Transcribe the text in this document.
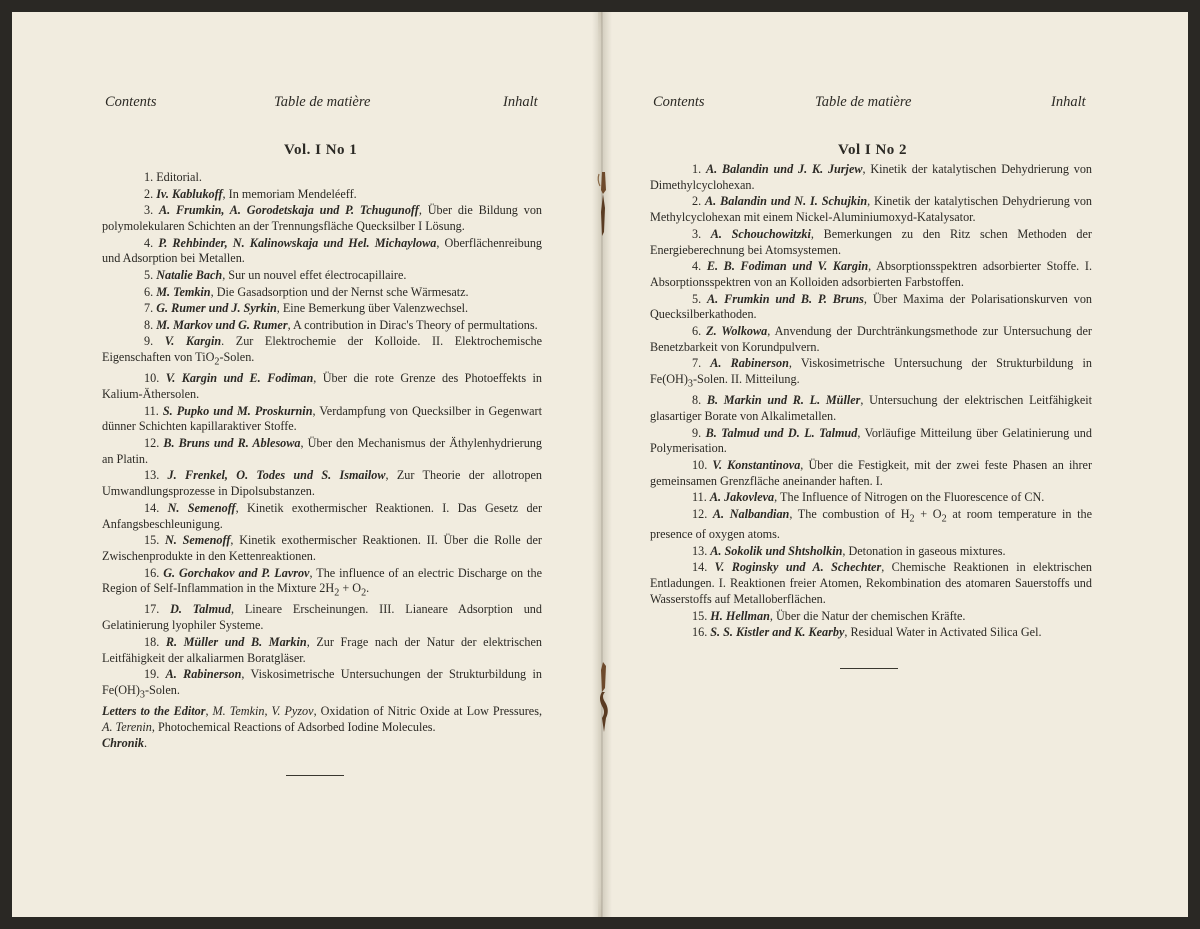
Contents	Table de matière	Inhalt
Vol. I No 1

1. Editorial.

2. Iv. Kablukoff, In memoriam Mendeléeff.

3. A. Frumkin, A. Gorodetskaja und P. Tchugunoff, Über die Bildung von polymolekularen Schichten an der Trennungsfläche Quecksilber I Lösung.

4. P. Rehbinder, N. Kalinowskaja und Hel. Michaylowa, Oberflächenreibung und Adsorption bei Metallen.

5. Natalie Bach, Sur un nouvel effet électrocapillaire.

6. M. Temkin, Die Gasadsorption und der Nernst sche Wärmesatz.

7. G. Rumer und J. Syrkin, Eine Bemerkung über Valenzwechsel.

8. M. Markov und G. Rumer, A contribution in Dirac's Theory of permultations.

9. V. Kargin. Zur Elektrochemie der Kolloide. II. Elektrochemische Eigenschaften von TiO$_2$-Solen.

10. V. Kargin und E. Fodiman, Über die rote Grenze des Photoeffekts in Kalium-Äthersolen.

11. S. Pupko und M. Proskurnin, Verdampfung von Quecksilber in Gegenwart dünner Schichten kapillaraktiver Stoffe.

12. B. Bruns und R. Ablesowa, Über den Mechanismus der Äthylenhydrierung an Platin.

13. J. Frenkel, O. Todes und S. Ismailow, Zur Theorie der allotropen Umwandlungsprozesse in Dipolsubstanzen.

14. N. Semenoff, Kinetik exothermischer Reaktionen. I. Das Gesetz der Anfangsbeschleunigung.

15. N. Semenoff, Kinetik exothermischer Reaktionen. II. Über die Rolle der Zwischenprodukte in den Kettenreaktionen.

16. G. Gorchakov and P. Lavrov, The influence of an electric Discharge on the Region of Self-Inflammation in the Mixture $2H_2 + O_2$.

17. D. Talmud, Lineare Erscheinungen. III. Lianeare Adsorption und Gelatinierung lyophiler Systeme.

18. R. Müller und B. Markin, Zur Frage nach der Natur der elektrischen Leitfähigkeit der alkaliarmen Boratgläser.

19. A. Rabinerson, Viskosimetrische Untersuchungen der Strukturbildung in $Fe(OH)_3$-Solen.

Letters to the Editor, M. Temkin, V. Pyzov, Oxidation of Nitric Oxide at Low Pressures, A. Terenin, Photochemical Reactions of Adsorbed Iodine Molecules.

Chronik.

Contents	Table de matière	Inhalt
Vol I No 2

1. A. Balandin und J. K. Jurjew, Kinetik der katalytischen Dehydrierung von Dimethylcyclohexan.

2. A. Balandin und N. I. Schujkin, Kinetik der katalytischen Dehydrierung von Methylcyclohexan mit einem Nickel-Aluminiumoxyd-Katalysator.

3. A. Schouchowitzki, Bemerkungen zu den Ritz schen Methoden der Energieberechnung bei Atomsystemen.

4. E. B. Fodiman und V. Kargin, Absorptionsspektren adsorbierter Stoffe. I. Absorptionsspektren von an Kolloiden adsorbierten Farbstoffen.

5. A. Frumkin und B. P. Bruns, Über Maxima der Polarisationskurven von Quecksilberkathoden.

6. Z. Wolkowa, Anvendung der Durchtränkungsmethode zur Untersuchung der Benetzbarkeit von Korundpulvern.

7. A. Rabinerson, Viskosimetrische Untersuchung der Strukturbildung in $Fe(OH)_3$-Solen. II. Mitteilung.

8. B. Markin und R. L. Müller, Untersuchung der elektrischen Leitfähigkeit glasartiger Borate von Alkalimetallen.

9. B. Talmud und D. L. Talmud, Vorläufige Mitteilung über Gelatinierung und Polymerisation.

10. V. Konstantinova, Über die Festigkeit, mit der zwei feste Phasen an ihrer gemeinsamen Grenzfläche aneinander haften. I.

11. A. Jakovleva, The Influence of Nitrogen on the Fluorescence of CN.

12. A. Nalbandian, The combustion of $H_2 + O_2$ at room temperature in the presence of oxygen atoms.

13. A. Sokolik und Shtsholkin, Detonation in gaseous mixtures.

14. V. Roginsky und A. Schechter, Chemische Reaktionen in elektrischen Entladungen. I. Reaktionen freier Atomen, Rekombination des atomaren Sauerstoffs und Wasserstoffs auf Metalloberflächen.

15. H. Hellman, Über die Natur der chemischen Kräfte.

16. S. S. Kistler and K. Kearby, Residual Water in Activated Silica Gel.
